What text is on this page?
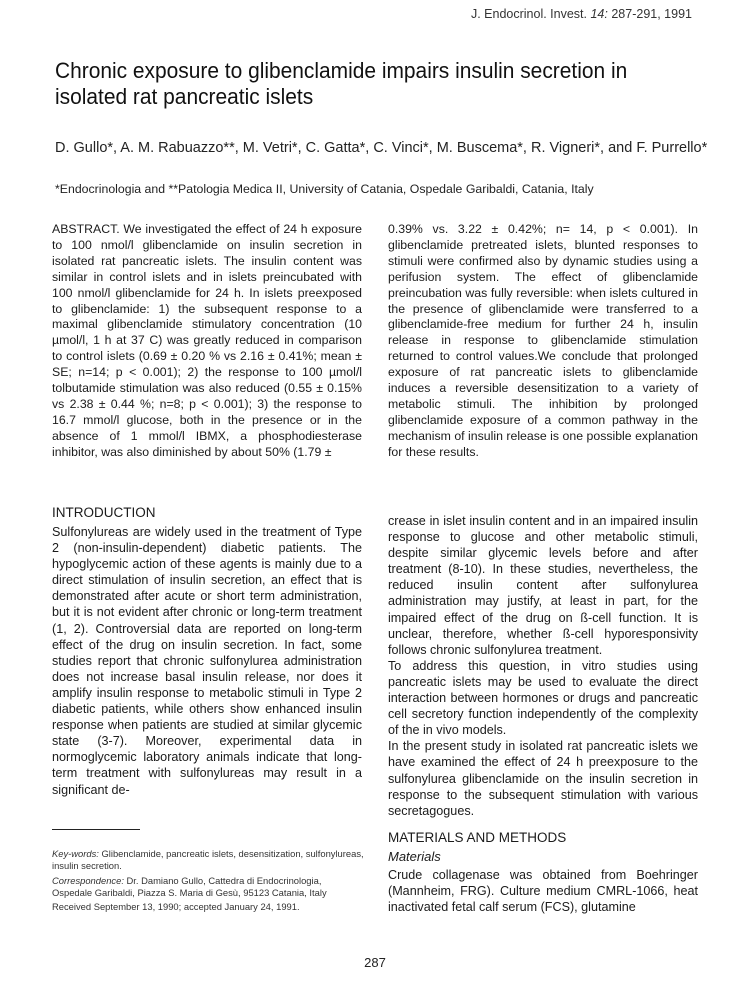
J. Endocrinol. Invest. 14: 287-291, 1991
Chronic exposure to glibenclamide impairs insulin secretion in isolated rat pancreatic islets
D. Gullo*, A. M. Rabuazzo**, M. Vetri*, C. Gatta*, C. Vinci*, M. Buscema*, R. Vigneri*, and F. Purrello*
*Endocrinologia and **Patologia Medica II, University of Catania, Ospedale Garibaldi, Catania, Italy
ABSTRACT. We investigated the effect of 24 h exposure to 100 nmol/l glibenclamide on insulin secretion in isolated rat pancreatic islets. The insulin content was similar in control islets and in islets preincubated with 100 nmol/l glibenclamide for 24 h. In islets preexposed to glibenclamide: 1) the subsequent response to a maximal glibenclamide stimulatory concentration (10 µmol/l, 1 h at 37 C) was greatly reduced in comparison to control islets (0.69 ± 0.20 % vs 2.16 ± 0.41%; mean ± SE; n=14; p < 0.001); 2) the response to 100 µmol/l tolbutamide stimulation was also reduced (0.55 ± 0.15% vs 2.38 ± 0.44 %; n=8; p < 0.001); 3) the response to 16.7 mmol/l glucose, both in the presence or in the absence of 1 mmol/l IBMX, a phosphodiesterase inhibitor, was also diminished by about 50% (1.79 ±
0.39% vs. 3.22 ± 0.42%; n= 14, p < 0.001). In glibenclamide pretreated islets, blunted responses to stimuli were confirmed also by dynamic studies using a perifusion system. The effect of glibenclamide preincubation was fully reversible: when islets cultured in the presence of glibenclamide were transferred to a glibenclamide-free medium for further 24 h, insulin release in response to glibenclamide stimulation returned to control values.We conclude that prolonged exposure of rat pancreatic islets to glibenclamide induces a reversible desensitization to a variety of metabolic stimuli. The inhibition by prolonged glibenclamide exposure of a common pathway in the mechanism of insulin release is one possible explanation for these results.
INTRODUCTION

Sulfonylureas are widely used in the treatment of Type 2 (non-insulin-dependent) diabetic patients. The hypoglycemic action of these agents is mainly due to a direct stimulation of insulin secretion, an effect that is demonstrated after acute or short term administration, but it is not evident after chronic or long-term treatment (1, 2). Controversial data are reported on long-term effect of the drug on insulin secretion. In fact, some studies report that chronic sulfonylurea administration does not increase basal insulin release, nor does it amplify insulin response to metabolic stimuli in Type 2 diabetic patients, while others show enhanced insulin response when patients are studied at similar glycemic state (3-7). Moreover, experimental data in normoglycemic laboratory animals indicate that long-term treatment with sulfonylureas may result in a significant de-

crease in islet insulin content and in an impaired insulin response to glucose and other metabolic stimuli, despite similar glycemic levels before and after treatment (8-10). In these studies, nevertheless, the reduced insulin content after sulfonylurea administration may justify, at least in part, for the impaired effect of the drug on ß-cell function. It is unclear, therefore, whether ß-cell hyporesponsivity follows chronic sulfonylurea treatment.

To address this question, in vitro studies using pancreatic islets may be used to evaluate the direct interaction between hormones or drugs and pancreatic cell secretory function independently of the complexity of the in vivo models.

In the present study in isolated rat pancreatic islets we have examined the effect of 24 h preexposure to the sulfonylurea glibenclamide on the insulin secretion in response to the subsequent stimulation with various secretagogues.

MATERIALS AND METHODS
Materials

Crude collagenase was obtained from Boehringer (Mannheim, FRG). Culture medium CMRL-1066, heat inactivated fetal calf serum (FCS), glutamine

Key-words: Glibenclamide, pancreatic islets, desensitization, sulfonylureas, insulin secretion.

Correspondence: Dr. Damiano Gullo, Cattedra di Endocrinologia, Ospedale Garibaldi, Piazza S. Maria di Gesù, 95123 Catania, Italy

Received September 13, 1990; accepted January 24, 1991.

287
